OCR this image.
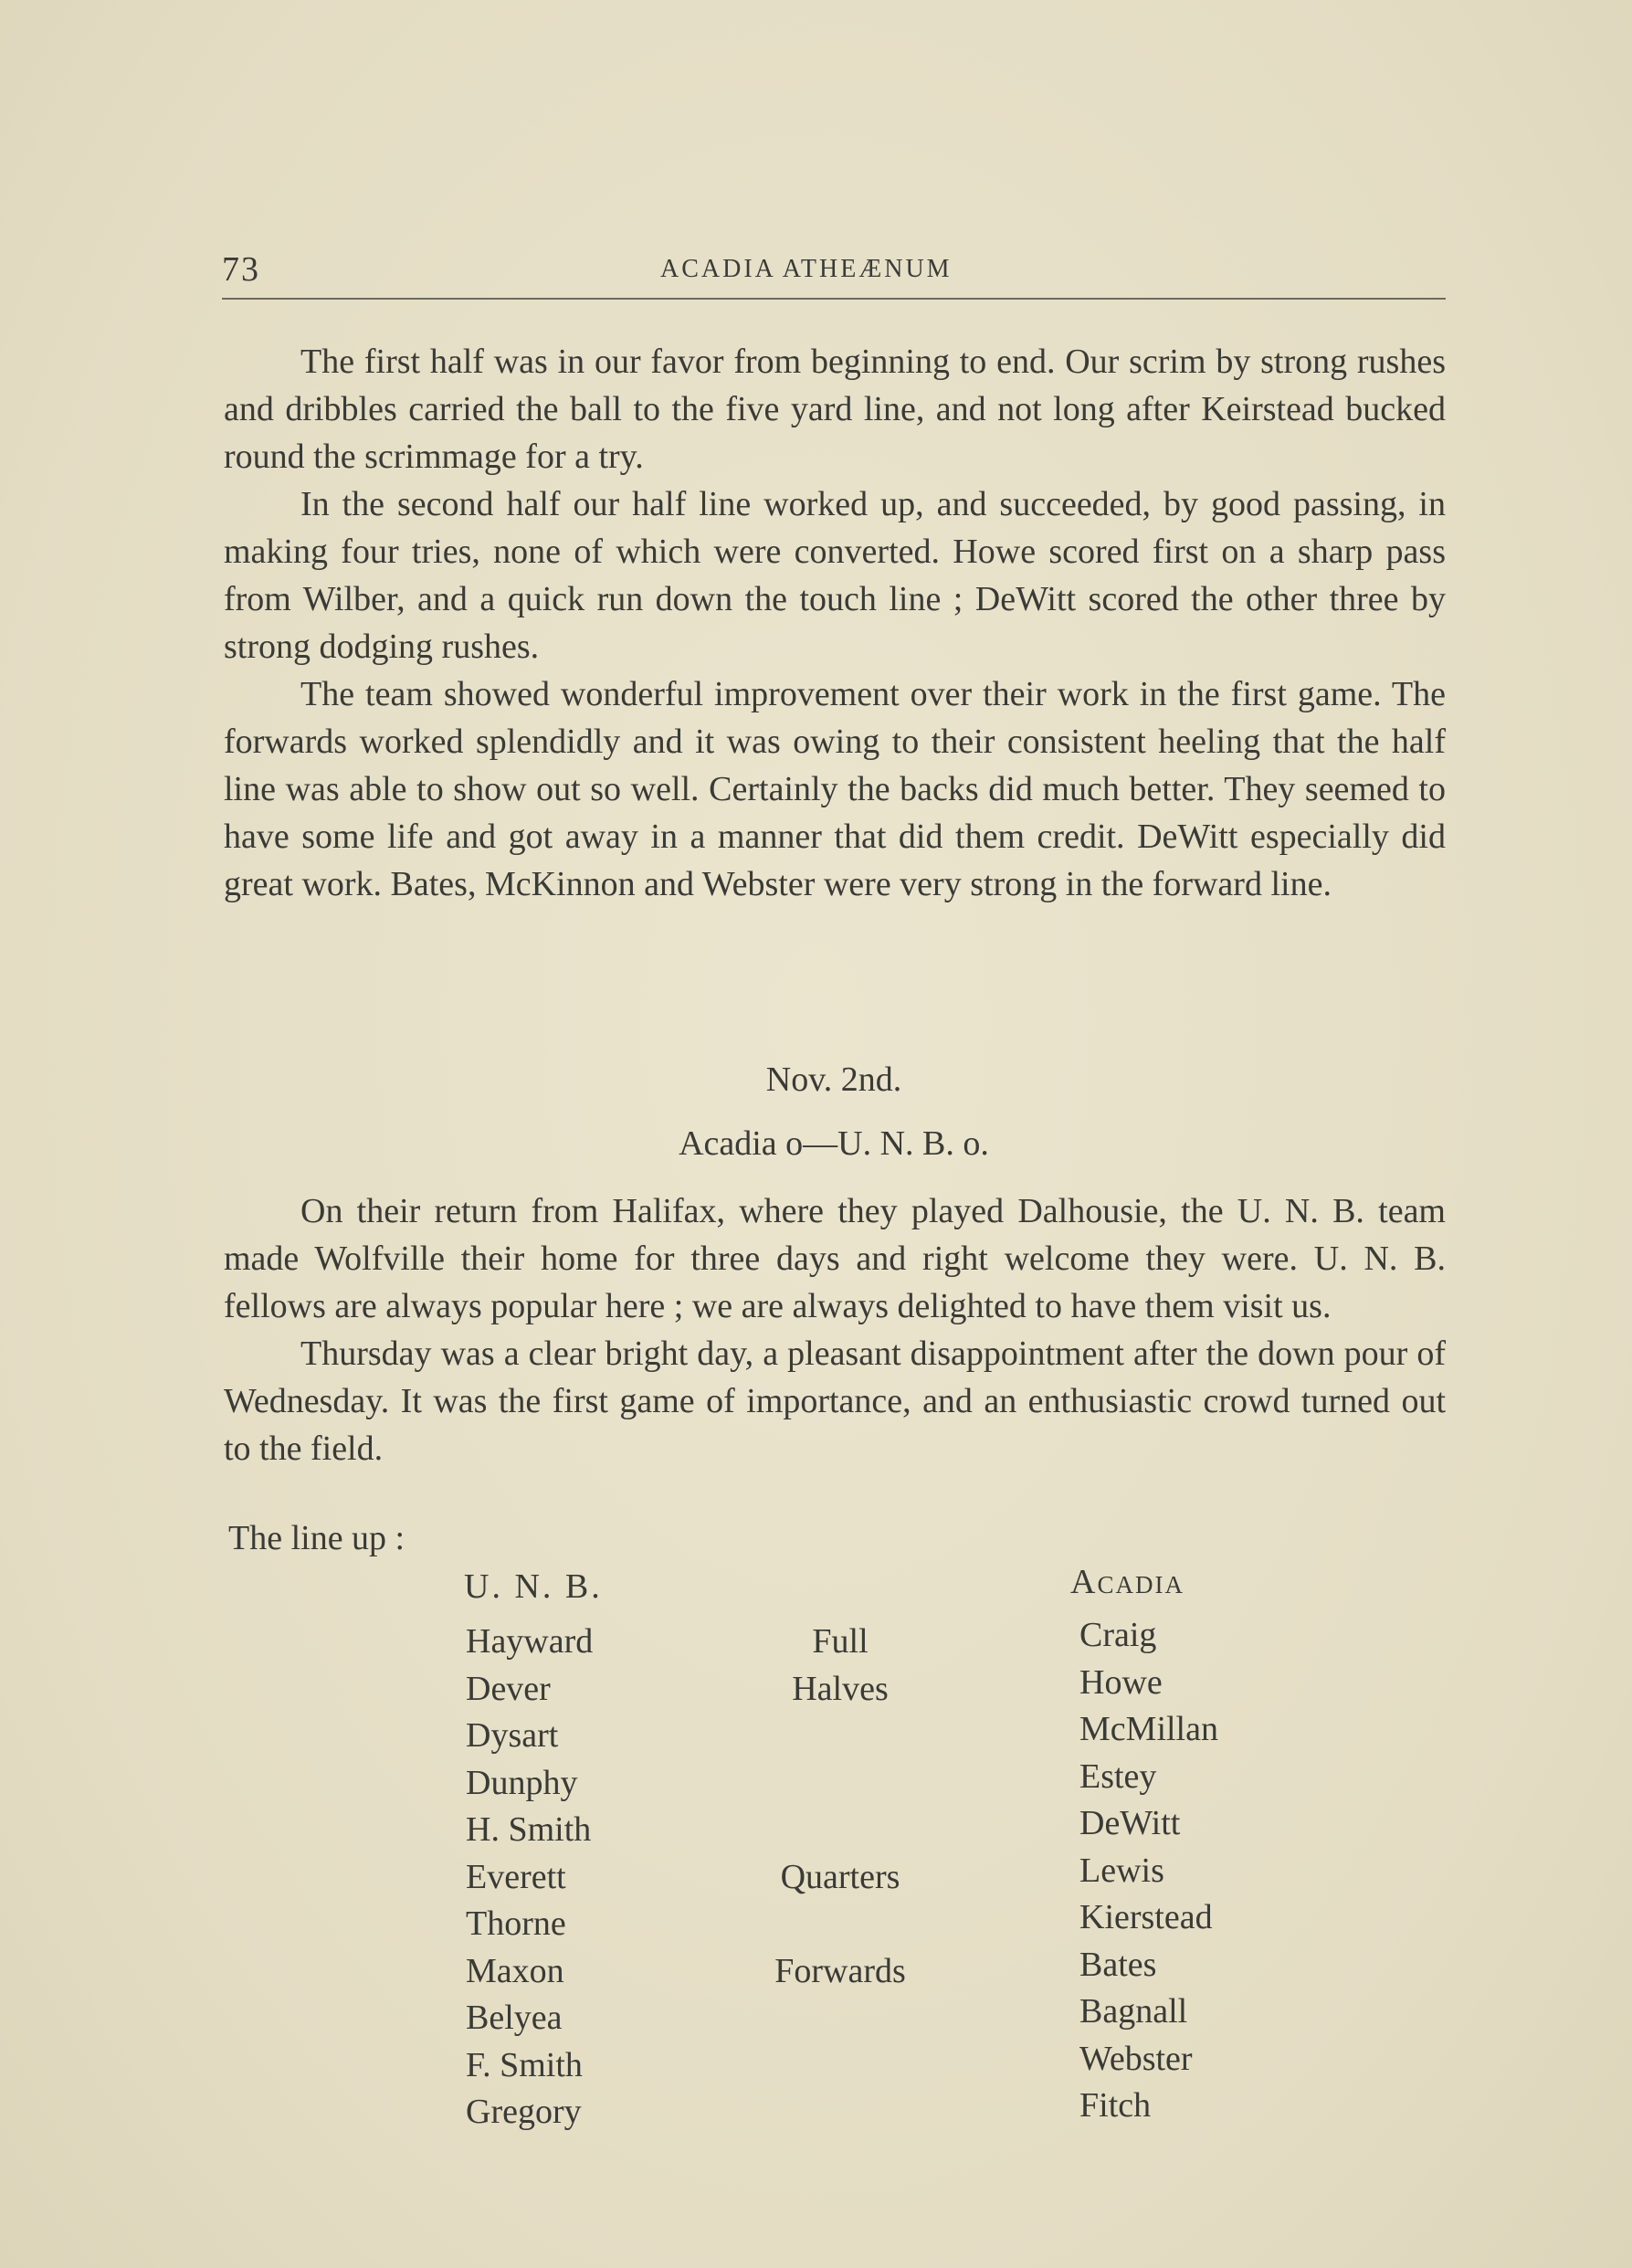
73	ACADIA ATHEÆNUM

The first half was in our favor from beginning to end. Our scrim by strong rushes and dribbles carried the ball to the five yard line, and not long after Keirstead bucked round the scrimmage for a try.

In the second half our half line worked up, and succeeded, by good passing, in making four tries, none of which were converted. Howe scored first on a sharp pass from Wilber, and a quick run down the touch line ; DeWitt scored the other three by strong dodging rushes.

The team showed wonderful improvement over their work in the first game. The forwards worked splendidly and it was owing to their consistent heeling that the half line was able to show out so well. Certainly the backs did much better. They seemed to have some life and got away in a manner that did them credit. DeWitt especially did great work. Bates, McKinnon and Webster were very strong in the forward line.

Nov. 2nd.
Acadia o—U. N. B. o.

On their return from Halifax, where they played Dalhousie, the U. N. B. team made Wolfville their home for three days and right welcome they were. U. N. B. fellows are always popular here ; we are always delighted to have them visit us.

Thursday was a clear bright day, a pleasant disappointment after the down pour of Wednesday. It was the first game of importance, and an enthusiastic crowd turned out to the field.

The line up :
U. N. B.	Acadia
Hayward
Dever
Dysart
Dunphy
H. Smith
Everett
Thorne
Maxon
Belyea
F. Smith
Gregory
Full
Halves
Quarters
Forwards
Craig
Howe
McMillan
Estey
DeWitt
Lewis
Kierstead
Bates
Bagnall
Webster
Fitch
